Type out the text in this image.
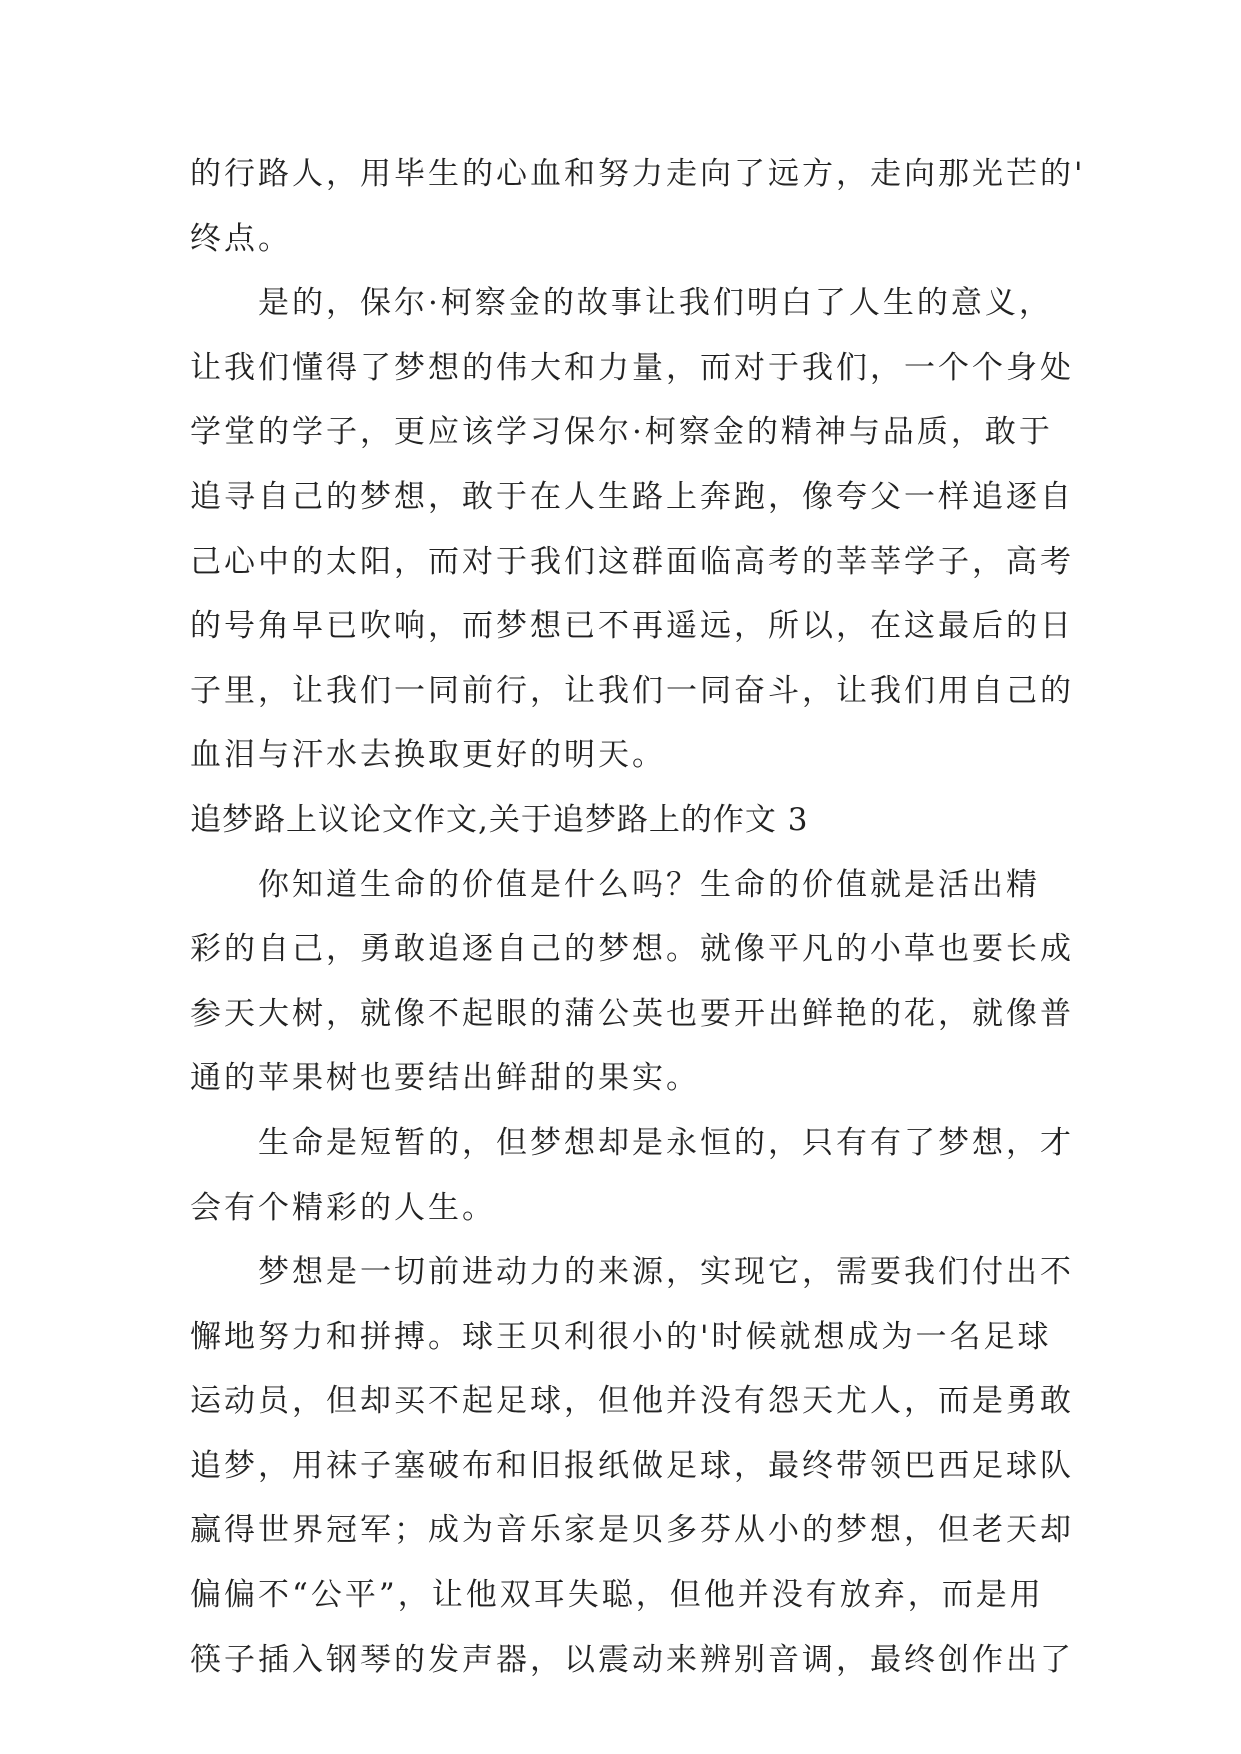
的行路人，用毕生的心血和努力走向了远方，走向那光芒的'
终点。
是的，保尔·柯察金的故事让我们明白了人生的意义，
让我们懂得了梦想的伟大和力量，而对于我们，一个个身处
学堂的学子，更应该学习保尔·柯察金的精神与品质，敢于
追寻自己的梦想，敢于在人生路上奔跑，像夸父一样追逐自
己心中的太阳，而对于我们这群面临高考的莘莘学子，高考
的号角早已吹响，而梦想已不再遥远，所以，在这最后的日
子里，让我们一同前行，让我们一同奋斗，让我们用自己的
血泪与汗水去换取更好的明天。
追梦路上议论文作文,关于追梦路上的作文 3
你知道生命的价值是什么吗？生命的价值就是活出精
彩的自己，勇敢追逐自己的梦想。就像平凡的小草也要长成
参天大树，就像不起眼的蒲公英也要开出鲜艳的花，就像普
通的苹果树也要结出鲜甜的果实。
生命是短暂的，但梦想却是永恒的，只有有了梦想，才
会有个精彩的人生。
梦想是一切前进动力的来源，实现它，需要我们付出不
懈地努力和拼搏。球王贝利很小的'时候就想成为一名足球
运动员，但却买不起足球，但他并没有怨天尤人，而是勇敢
追梦，用袜子塞破布和旧报纸做足球，最终带领巴西足球队
赢得世界冠军；成为音乐家是贝多芬从小的梦想，但老天却
偏偏不“公平”，让他双耳失聪，但他并没有放弃，而是用
筷子插入钢琴的发声器，以震动来辨别音调，最终创作出了
